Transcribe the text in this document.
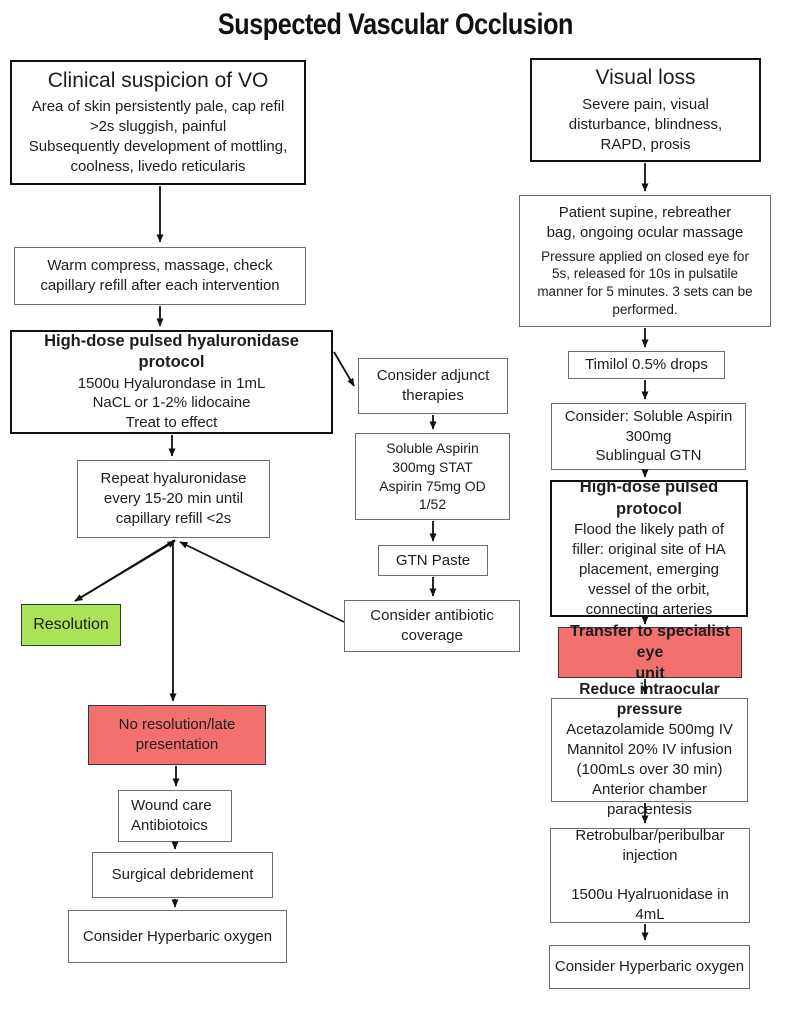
Suspected Vascular Occlusion
Clinical suspicion of VO
Area of skin persistently pale, cap refil
>2s sluggish, painful
Subsequently development of mottling,
coolness, livedo reticularis
Warm compress, massage, check
capillary refill after each intervention
High-dose pulsed hyaluronidase protocol
1500u Hyalurondase in 1mL
NaCL or 1-2% lidocaine
Treat to effect
Repeat hyaluronidase
every 15-20 min until
capillary refill <2s
Resolution
No resolution/late
presentation
Wound care
Antibiotoics
Surgical debridement
Consider Hyperbaric oxygen
Consider adjunct
therapies
Soluble Aspirin
300mg STAT
Aspirin 75mg OD
1/52
GTN Paste
Consider antibiotic
coverage
Visual loss
Severe pain, visual
disturbance, blindness,
RAPD, prosis
Patient supine, rebreather
bag, ongoing ocular massage
Pressure applied on closed eye for
5s, released for 10s in pulsatile
manner for 5 minutes. 3 sets can be
performed.
Timilol 0.5% drops
Consider: Soluble Aspirin
300mg
Sublingual GTN
High-dose pulsed protocol
Flood the likely path of
filler: original site of HA
placement, emerging
vessel of the orbit,
connecting arteries
Transfer to specialist eye
unit
Reduce intraocular pressure
Acetazolamide 500mg IV
Mannitol 20% IV infusion
(100mLs over 30 min)
Anterior chamber paracentesis
Retrobulbar/peribulbar
injection

1500u Hyalruonidase in 4mL
Consider Hyperbaric oxygen
